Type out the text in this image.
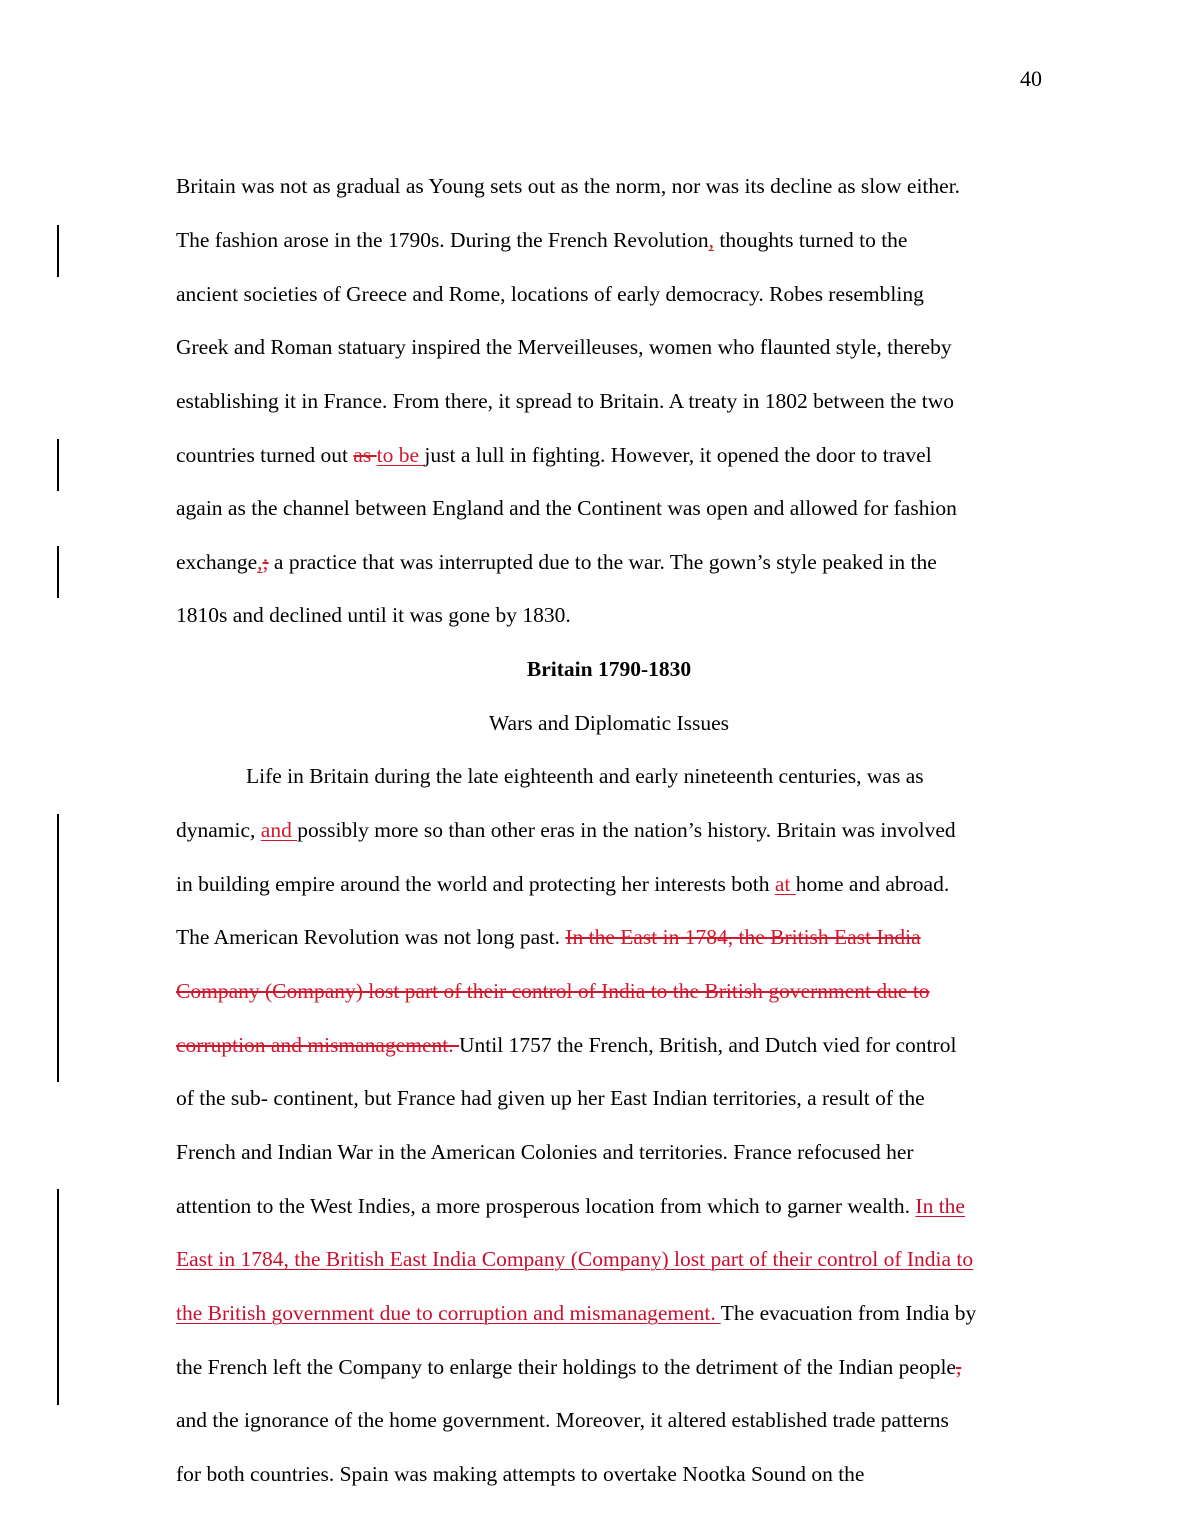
40
Britain was not as gradual as Young sets out as the norm, nor was its decline as slow either.
The fashion arose in the 1790s. During the French Revolution, thoughts turned to the
ancient societies of Greece and Rome, locations of early democracy. Robes resembling
Greek and Roman statuary inspired the Merveilleuses, women who flaunted style, thereby
establishing it in France. From there, it spread to Britain. A treaty in 1802 between the two
countries turned out as to be just a lull in fighting. However, it opened the door to travel
again as the channel between England and the Continent was open and allowed for fashion
exchange,; a practice that was interrupted due to the war. The gown’s style peaked in the
1810s and declined until it was gone by 1830.
Britain 1790-1830
Wars and Diplomatic Issues
Life in Britain during the late eighteenth and early nineteenth centuries, was as
dynamic, and possibly more so than other eras in the nation’s history. Britain was involved
in building empire around the world and protecting her interests both at home and abroad.
The American Revolution was not long past. In the East in 1784, the British East India
Company (Company) lost part of their control of India to the British government due to
corruption and mismanagement. Until 1757 the French, British, and Dutch vied for control
of the sub- continent, but France had given up her East Indian territories, a result of the
French and Indian War in the American Colonies and territories. France refocused her
attention to the West Indies, a more prosperous location from which to garner wealth. In the
East in 1784, the British East India Company (Company) lost part of their control of India to
the British government due to corruption and mismanagement. The evacuation from India by
the French left the Company to enlarge their holdings to the detriment of the Indian people,
and the ignorance of the home government. Moreover, it altered established trade patterns
for both countries. Spain was making attempts to overtake Nootka Sound on the
